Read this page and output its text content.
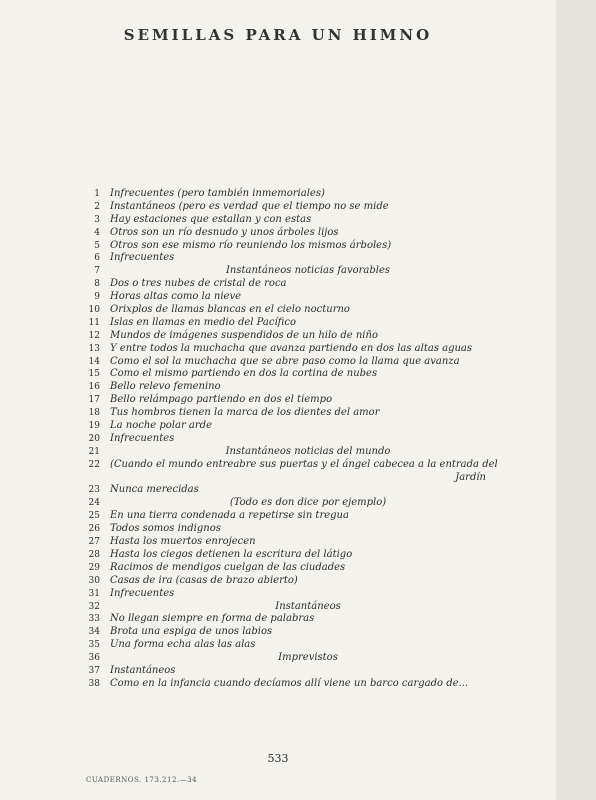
SEMILLAS PARA UN HIMNO
1 Infrecuentes (pero también inmemoriales)
2 Instantáneos (pero es verdad que el tiempo no se mide
3 Hay estaciones que estallan y con estas
4 Otros son un río desnudo y unos árboles lijos
5 Otros son ese mismo río reuniendo los mismos árboles)
6 Infrecuentes
7	Instantáneos noticias favorables
8 Dos o tres nubes de cristal de roca
9 Horas altas como la nieve
10 Orixplos de llamas blancas en el cielo nocturno
11 Islas en llamas en medio del Pacífico
12 Mundos de imágenes suspendidos de un hilo de niño
13 Y entre todos la muchacha que avanza partiendo en dos las altas aguas
14 Como el sol la muchacha que se abre paso como la llama que avanza
15 Como el mismo partiendo en dos la cortina de nubes
16 Bello relevo femenino
17 Bello relámpago partiendo en dos el tiempo
18 Tus hombros tienen la marca de los dientes del amor
19 La noche polar arde
20 Infrecuentes
21	Instantáneos noticias del mundo
22 (Cuando el mundo entreabre sus puertas y el ángel cabecea a la entrada del
Jardín
23 Nunca merecidas
24	(Todo es don dice por ejemplo)
25 En una tierra condenada a repetirse sin tregua
26 Todos somos indignos
27 Hasta los muertos enrojecen
28 Hasta los ciegos detienen la escritura del látigo
29 Racimos de mendigos cuelgan de las ciudades
30 Casas de ira (casas de brazo abierto)
31 Infrecuentes
32	Instantáneos
33 No llegan siempre en forma de palabras
34 Brota una espiga de unos labios
35 Una forma echa alas las alas
36	Imprevistos
37 Instantáneos
38 Como en la infancia cuando decíamos allí viene un barco cargado de...
533
CUADERNOS. 173.212.—34
